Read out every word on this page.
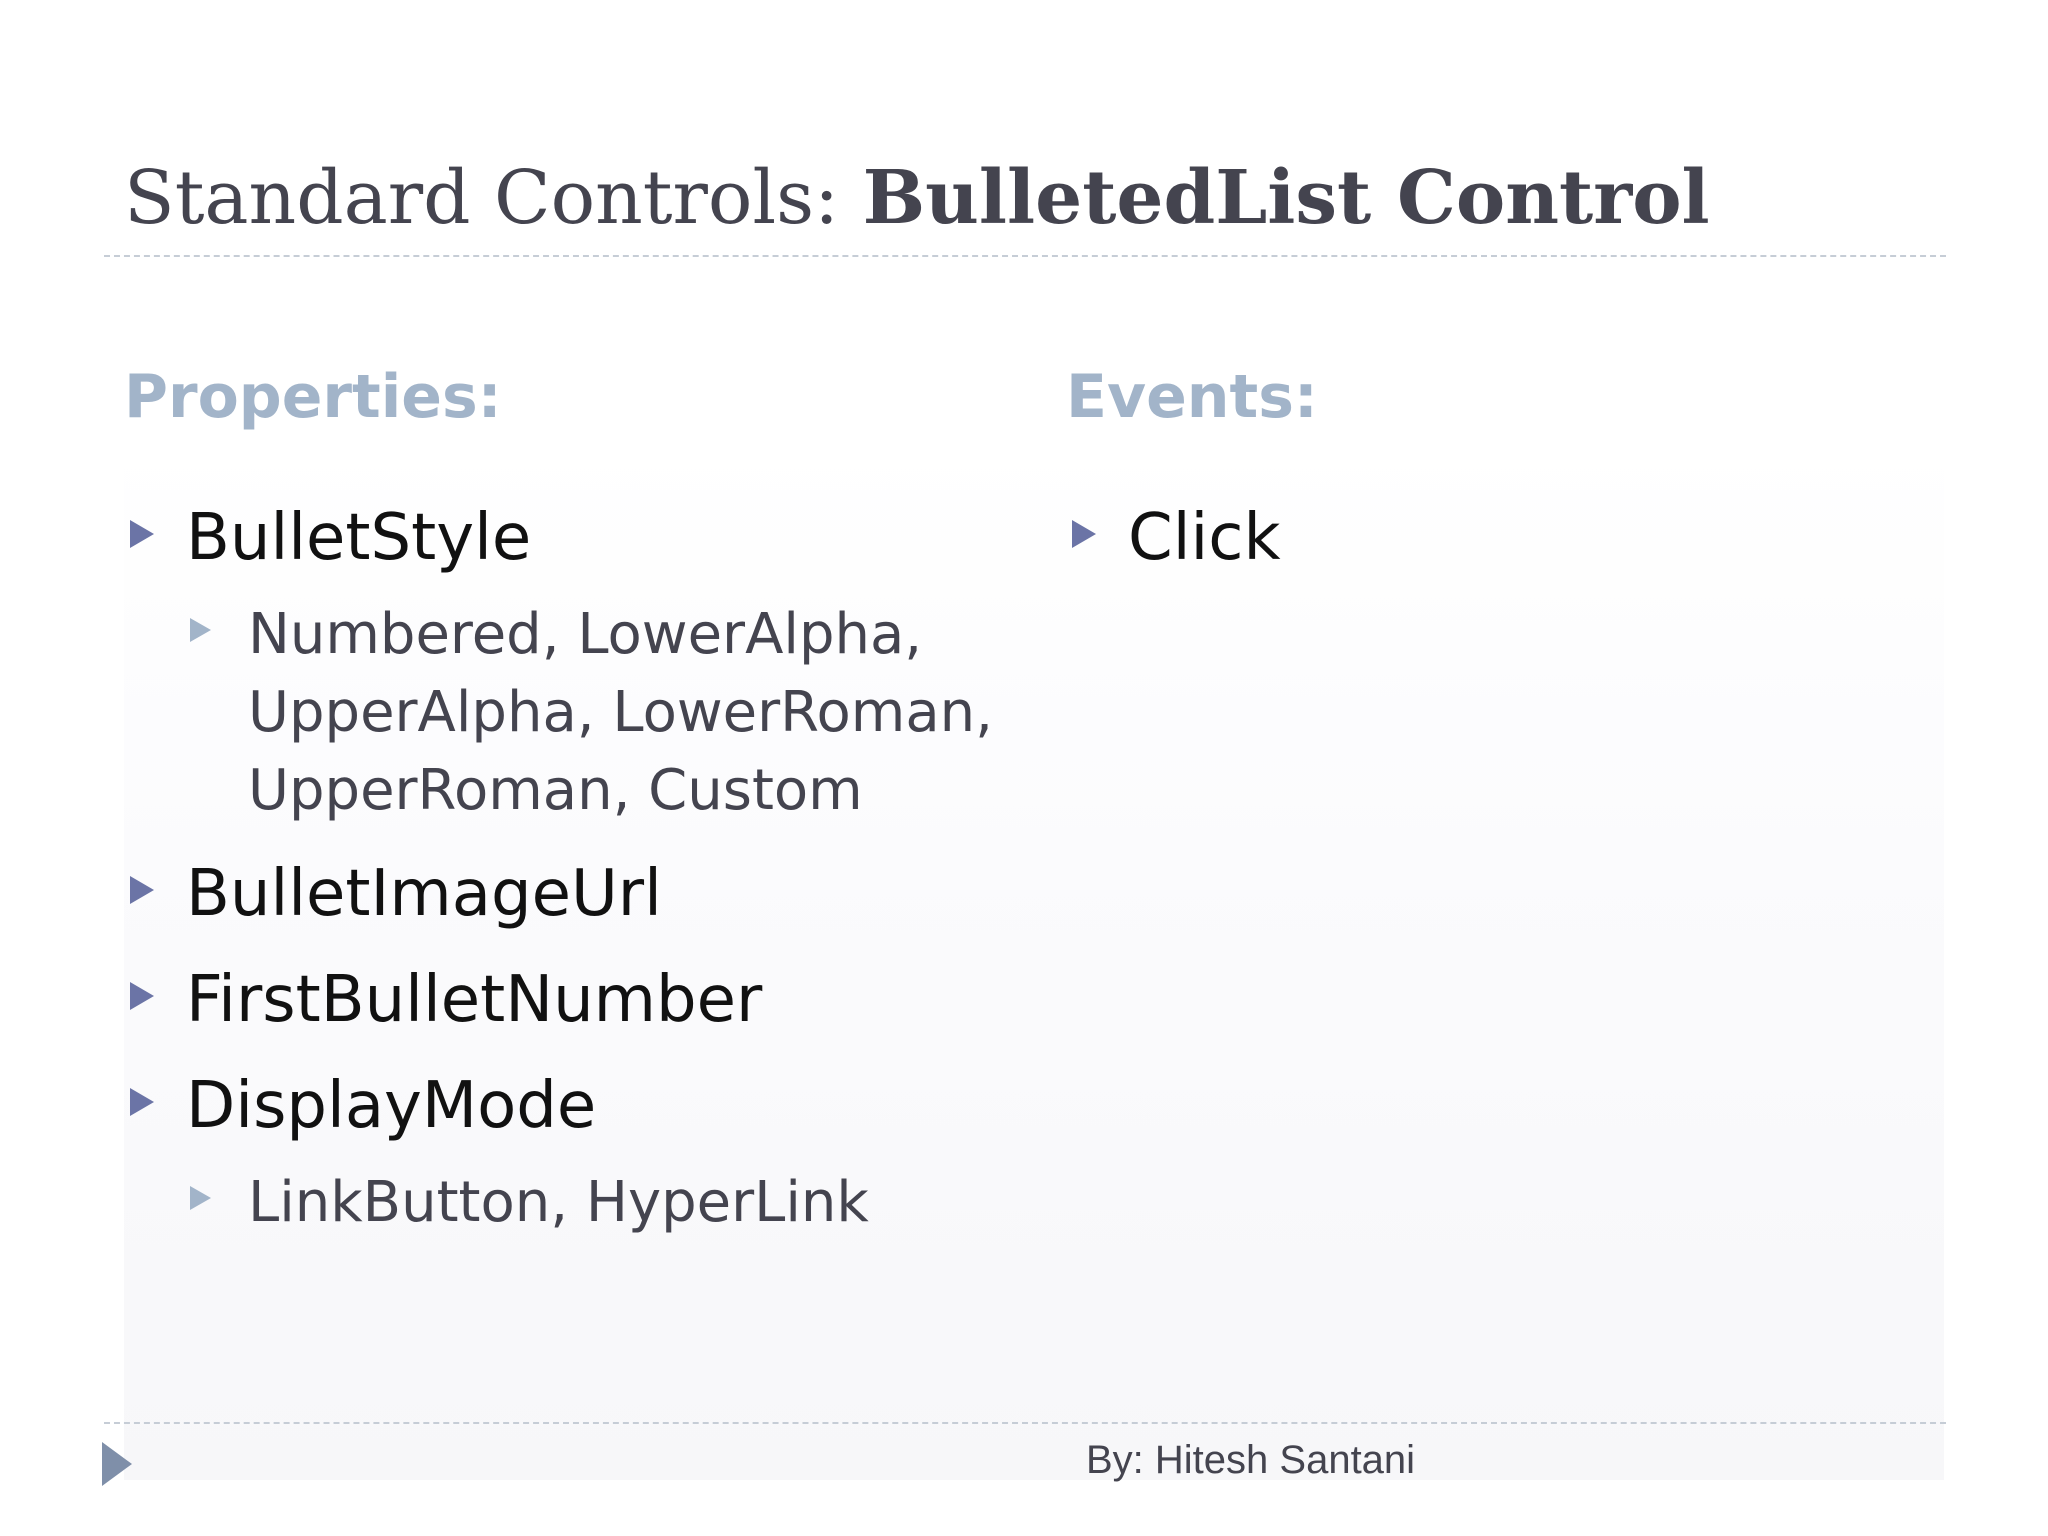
Standard Controls: BulletedList Control
Properties:	Events:
BulletStyle
Numbered, LowerAlpha, UpperAlpha, LowerRoman, UpperRoman, Custom
BulletImageUrl
FirstBulletNumber
DisplayMode
LinkButton, HyperLink
Click
By: Hitesh Santani
